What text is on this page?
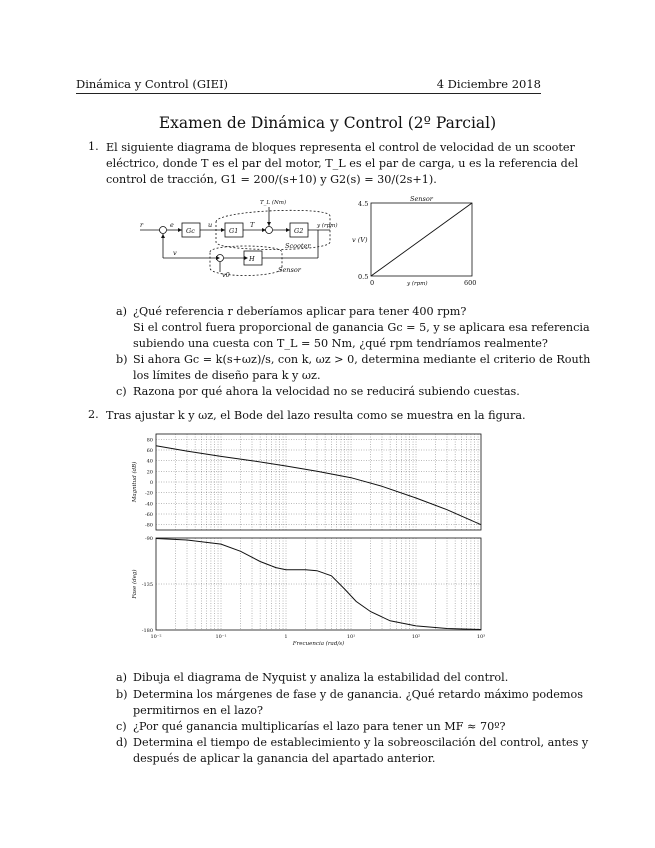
Dinámica y Control (GIEI)	4 Diciembre 2018
Examen de Dinámica y Control (2º Parcial)
1. El siguiente diagrama de bloques representa el control de velocidad de un scooter
eléctrico, donde T es el par del motor, T_L es el par de carga, u es la referencia del
control de tracción, G1 = 200/(s+10) y G2(s) = 30/(2s+1).
r	e
Gc
u
G1
T
G2
T_L (Nm)
y (rpm)
v
H
v0
Scooter
Sensor
Sensor
v (V)
y (rpm)
4.5
0.5
0	600
a) ¿Qué referencia r deberíamos aplicar para tener 400 rpm?
Si el control fuera proporcional de ganancia Gc = 5, y se aplicara esa referencia
subiendo una cuesta con T_L = 50 Nm, ¿qué rpm tendríamos realmente?
b) Si ahora Gc = k(s+ωz)/s, con k, ωz > 0, determina mediante el criterio de Routh
los límites de diseño para k y ωz.
c) Razona por qué ahora la velocidad no se reducirá subiendo cuestas.
2. Tras ajustar k y ωz, el Bode del lazo resulta como se muestra en la figura.
80
60
40
20
0
-20
-40
-60
-80
Magnitud (dB)
-90
-135
-180
Fase (deg)
10⁻²	10⁻¹	1	10¹	10²	10³
Frecuencia (rad/s)
a) Dibuja el diagrama de Nyquist y analiza la estabilidad del control.
b) Determina los márgenes de fase y de ganancia. ¿Qué retardo máximo podemos
permitirnos en el lazo?
c) ¿Por qué ganancia multiplicarías el lazo para tener un MF ≈ 70º?
d) Determina el tiempo de establecimiento y la sobreoscilación del control, antes y
después de aplicar la ganancia del apartado anterior.
